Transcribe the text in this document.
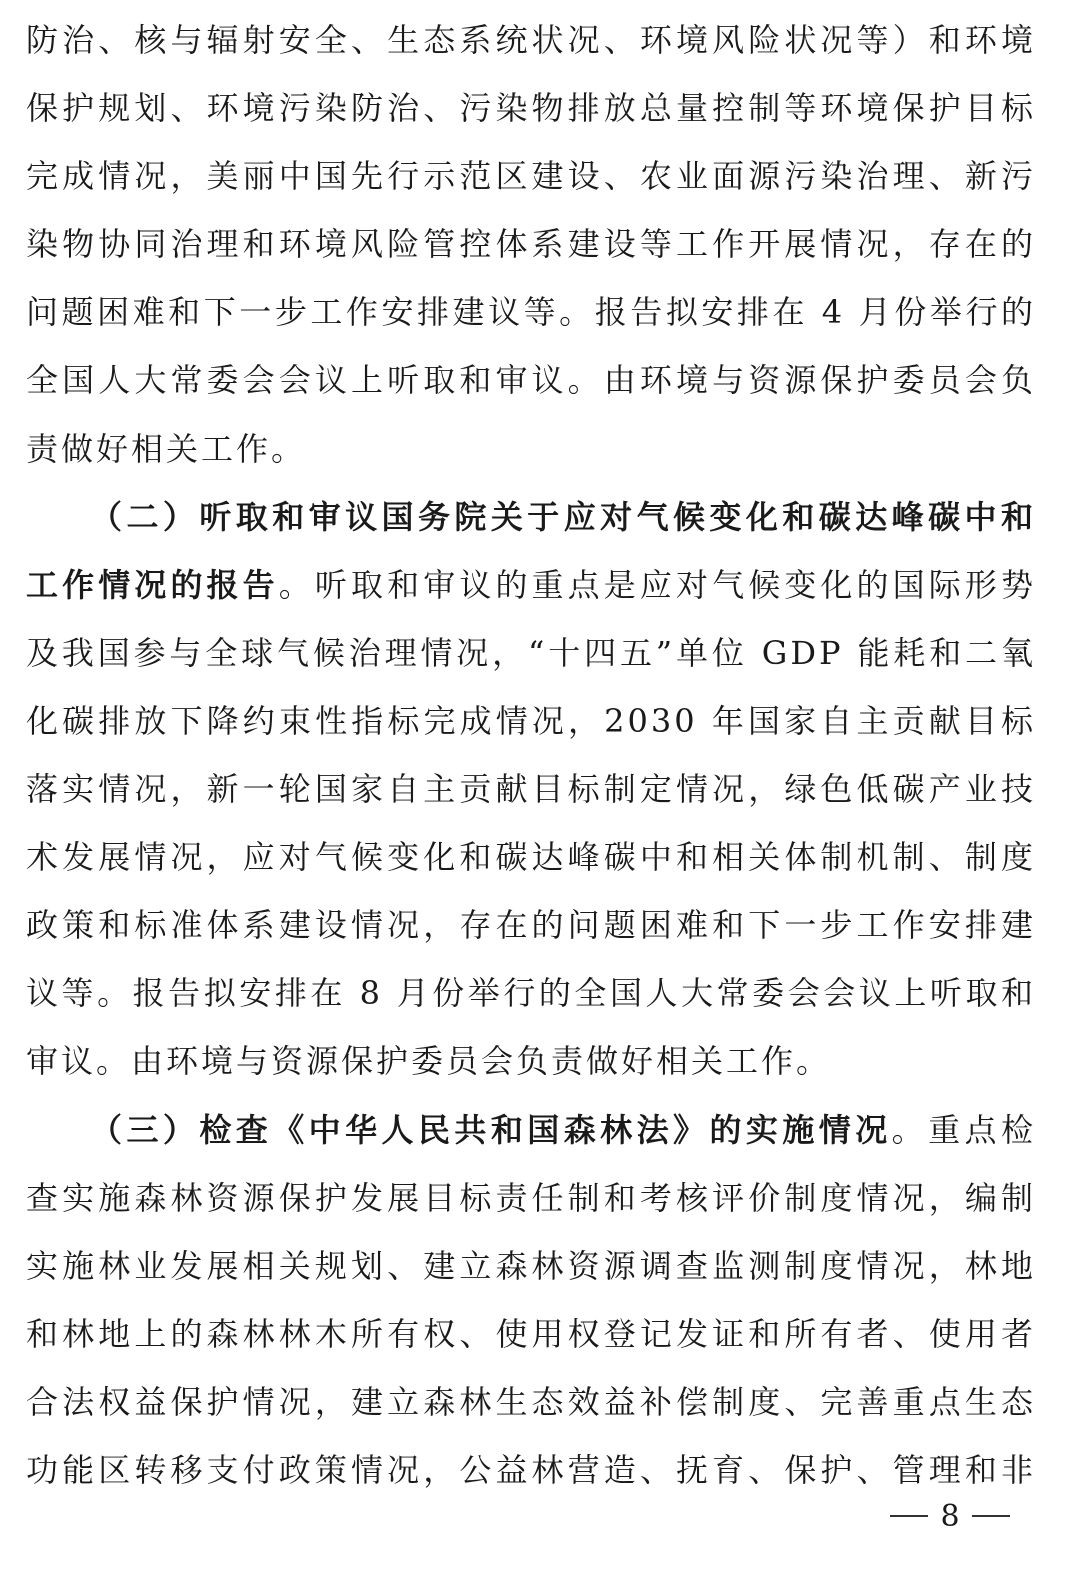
防治、核与辐射安全、生态系统状况、环境风险状况等）和环境
保护规划、环境污染防治、污染物排放总量控制等环境保护目标
完成情况，美丽中国先行示范区建设、农业面源污染治理、新污
染物协同治理和环境风险管控体系建设等工作开展情况，存在的
问题困难和下一步工作安排建议等。报告拟安排在 4 月份举行的
全国人大常委会会议上听取和审议。由环境与资源保护委员会负
责做好相关工作。
（二）听取和审议国务院关于应对气候变化和碳达峰碳中和
工作情况的报告。听取和审议的重点是应对气候变化的国际形势
及我国参与全球气候治理情况，“十四五”单位 GDP 能耗和二氧
化碳排放下降约束性指标完成情况，2030 年国家自主贡献目标
落实情况，新一轮国家自主贡献目标制定情况，绿色低碳产业技
术发展情况，应对气候变化和碳达峰碳中和相关体制机制、制度
政策和标准体系建设情况，存在的问题困难和下一步工作安排建
议等。报告拟安排在 8 月份举行的全国人大常委会会议上听取和
审议。由环境与资源保护委员会负责做好相关工作。
（三）检查《中华人民共和国森林法》的实施情况。重点检
查实施森林资源保护发展目标责任制和考核评价制度情况，编制
实施林业发展相关规划、建立森林资源调查监测制度情况，林地
和林地上的森林林木所有权、使用权登记发证和所有者、使用者
合法权益保护情况，建立森林生态效益补偿制度、完善重点生态
功能区转移支付政策情况，公益林营造、抚育、保护、管理和非
8
